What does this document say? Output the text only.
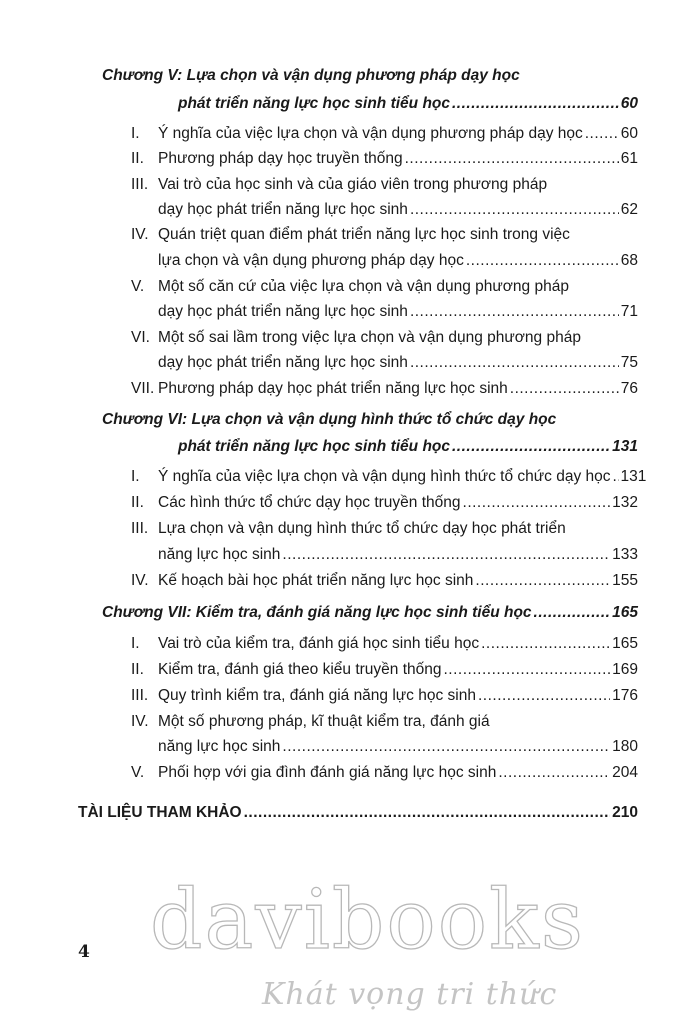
Chương V: Lựa chọn và vận dụng phương pháp dạy học
phát triển năng lực học sinh tiểu học .....	60
I.	Ý nghĩa của việc lựa chọn và vận dụng phương pháp dạy học ..... 60
II. Phương pháp dạy học truyền thống .....	61
III. Vai trò của học sinh và của giáo viên trong phương pháp
dạy học phát triển năng lực học sinh .....	62
IV. Quán triệt quan điểm phát triển năng lực học sinh trong việc
lựa chọn và vận dụng phương pháp dạy học .....	68
V. Một số căn cứ của việc lựa chọn và vận dụng phương pháp
dạy học phát triển năng lực học sinh .....	71
VI. Một số sai lầm trong việc lựa chọn và vận dụng phương pháp
dạy học phát triển năng lực học sinh .....	75
VII. Phương pháp dạy học phát triển năng lực học sinh .....	76
Chương VI: Lựa chọn và vận dụng hình thức tổ chức dạy học
phát triển năng lực học sinh tiểu học .....	131
I.	Ý nghĩa của việc lựa chọn và vận dụng hình thức tổ chức dạy học ..... 131
II. Các hình thức tổ chức dạy học truyền thống .....	132
III. Lựa chọn và vận dụng hình thức tổ chức dạy học phát triển
năng lực học sinh .....	133
IV. Kế hoạch bài học phát triển năng lực học sinh .....	155
Chương VII: Kiểm tra, đánh giá năng lực học sinh tiểu học .....	165
I.	Vai trò của kiểm tra, đánh giá học sinh tiểu học .....	165
II. Kiểm tra, đánh giá theo kiểu truyền thống .....	169
III. Quy trình kiểm tra, đánh giá năng lực học sinh .....	176
IV. Một số phương pháp, kĩ thuật kiểm tra, đánh giá
năng lực học sinh .....	180
V. Phối hợp với gia đình đánh giá năng lực học sinh .....	204
TÀI LIỆU THAM KHẢO .....	210
4 davibooks
Khát vọng tri thức
